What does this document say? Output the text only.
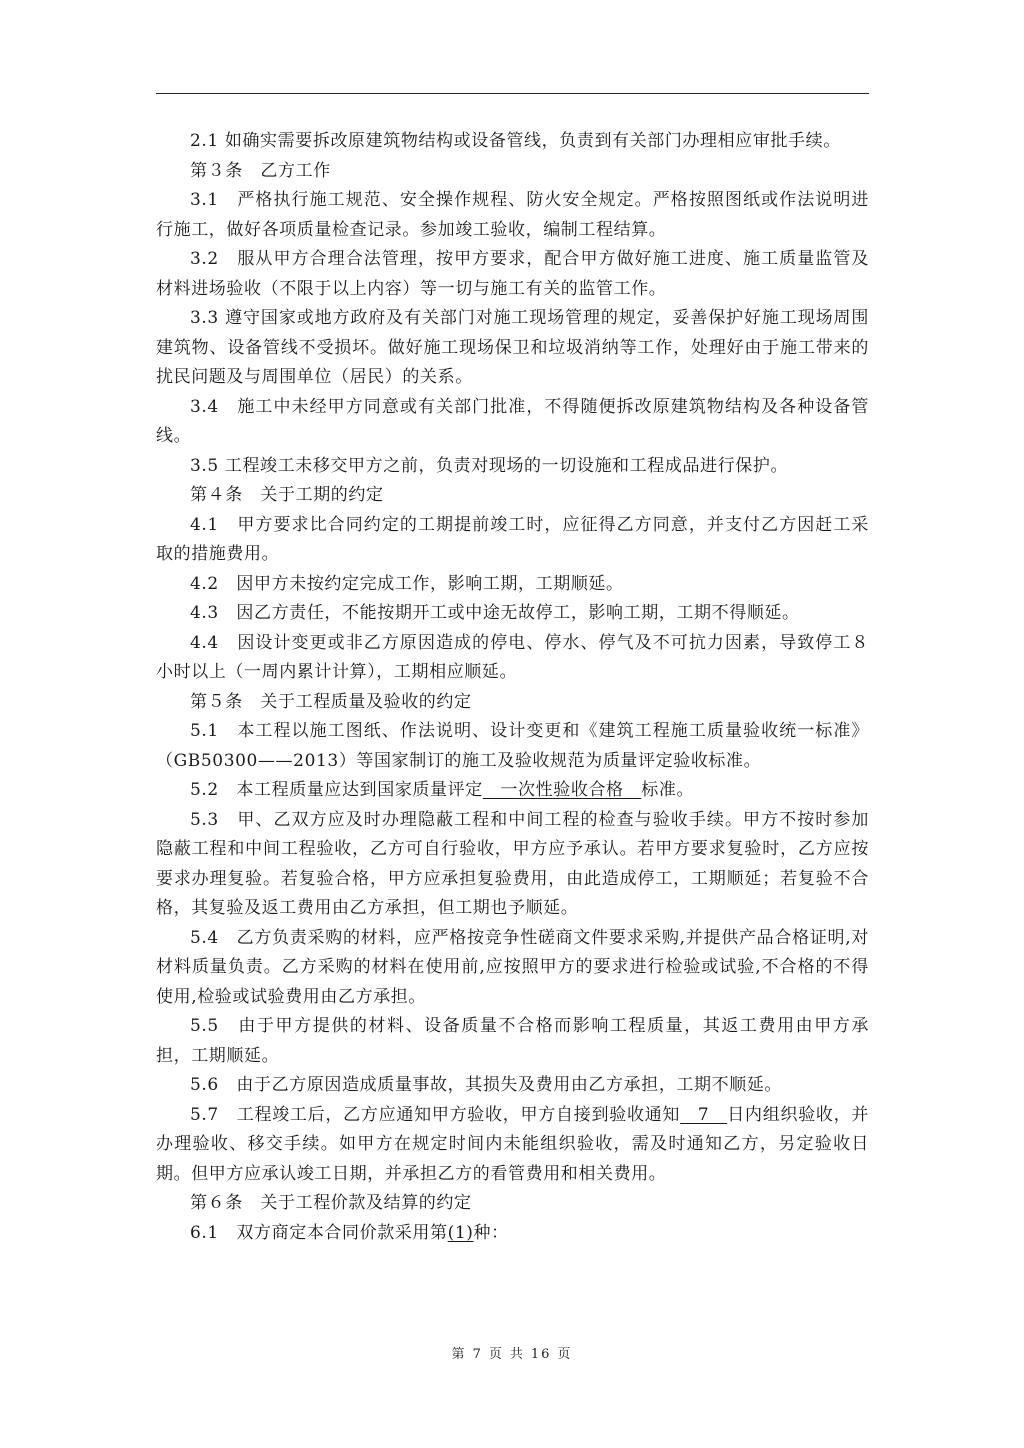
2.1 如确实需要拆改原建筑物结构或设备管线，负责到有关部门办理相应审批手续。

第３条　乙方工作

3.1　严格执行施工规范、安全操作规程、防火安全规定。严格按照图纸或作法说明进行施工，做好各项质量检查记录。参加竣工验收，编制工程结算。

3.2　服从甲方合理合法管理，按甲方要求，配合甲方做好施工进度、施工质量监管及材料进场验收（不限于以上内容）等一切与施工有关的监管工作。

3.3 遵守国家或地方政府及有关部门对施工现场管理的规定，妥善保护好施工现场周围建筑物、设备管线不受损坏。做好施工现场保卫和垃圾消纳等工作，处理好由于施工带来的扰民问题及与周围单位（居民）的关系。

3.4　施工中未经甲方同意或有关部门批准，不得随便拆改原建筑物结构及各种设备管线。

3.5 工程竣工未移交甲方之前，负责对现场的一切设施和工程成品进行保护。

第４条　关于工期的约定

4.1　甲方要求比合同约定的工期提前竣工时，应征得乙方同意，并支付乙方因赶工采取的措施费用。

4.2　因甲方未按约定完成工作，影响工期，工期顺延。

4.3　因乙方责任，不能按期开工或中途无故停工，影响工期，工期不得顺延。

4.4　因设计变更或非乙方原因造成的停电、停水、停气及不可抗力因素，导致停工８小时以上（一周内累计计算），工期相应顺延。

第５条　关于工程质量及验收的约定

5.1　本工程以施工图纸、作法说明、设计变更和《建筑工程施工质量验收统一标准》（GB50300——2013）等国家制订的施工及验收规范为质量评定验收标准。

5.2　本工程质量应达到国家质量评定　一次性验收合格　标准。

5.3　甲、乙双方应及时办理隐蔽工程和中间工程的检查与验收手续。甲方不按时参加隐蔽工程和中间工程验收，乙方可自行验收，甲方应予承认。若甲方要求复验时，乙方应按要求办理复验。若复验合格，甲方应承担复验费用，由此造成停工，工期顺延；若复验不合格，其复验及返工费用由乙方承担，但工期也予顺延。

5.4　乙方负责采购的材料，应严格按竞争性磋商文件要求采购,并提供产品合格证明,对材料质量负责。乙方采购的材料在使用前,应按照甲方的要求进行检验或试验,不合格的不得使用,检验或试验费用由乙方承担。

5.5　由于甲方提供的材料、设备质量不合格而影响工程质量，其返工费用由甲方承担，工期顺延。

5.6　由于乙方原因造成质量事故，其损失及费用由乙方承担，工期不顺延。

5.7　工程竣工后，乙方应通知甲方验收，甲方自接到验收通知　7　日内组织验收，并办理验收、移交手续。如甲方在规定时间内未能组织验收，需及时通知乙方，另定验收日期。但甲方应承认竣工日期，并承担乙方的看管费用和相关费用。

第６条　关于工程价款及结算的约定

6.1　双方商定本合同价款采用第(1)种：

第 7 页 共 16 页
